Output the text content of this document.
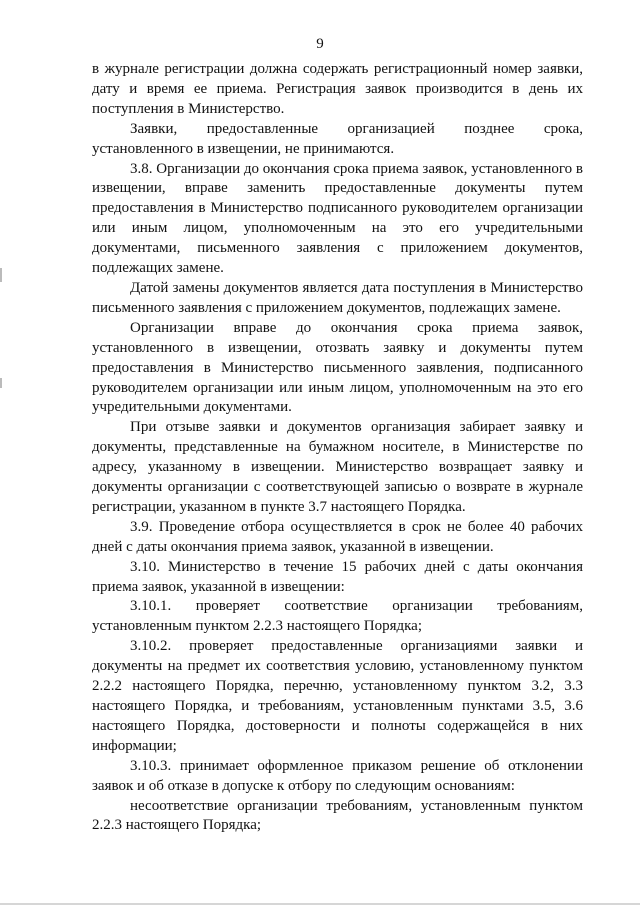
9

в журнале регистрации должна содержать регистрационный номер заявки, дату и время ее приема. Регистрация заявок производится в день их поступления в Министерство.

Заявки, предоставленные организацией позднее срока, установленного в извещении, не принимаются.

3.8. Организации до окончания срока приема заявок, установленного в извещении, вправе заменить предоставленные документы путем предоставления в Министерство подписанного руководителем организации или иным лицом, уполномоченным на это его учредительными документами, письменного заявления с приложением документов, подлежащих замене.

Датой замены документов является дата поступления в Министерство письменного заявления с приложением документов, подлежащих замене.

Организации вправе до окончания срока приема заявок, установленного в извещении, отозвать заявку и документы путем предоставления в Министерство письменного заявления, подписанного руководителем организации или иным лицом, уполномоченным на это его учредительными документами.

При отзыве заявки и документов организация забирает заявку и документы, представленные на бумажном носителе, в Министерстве по адресу, указанному в извещении. Министерство возвращает заявку и документы организации с соответствующей записью о возврате в журнале регистрации, указанном в пункте 3.7 настоящего Порядка.

3.9. Проведение отбора осуществляется в срок не более 40 рабочих дней с даты окончания приема заявок, указанной в извещении.

3.10. Министерство в течение 15 рабочих дней с даты окончания приема заявок, указанной в извещении:

3.10.1. проверяет соответствие организации требованиям, установленным пунктом 2.2.3 настоящего Порядка;

3.10.2. проверяет предоставленные организациями заявки и документы на предмет их соответствия условию, установленному пунктом 2.2.2 настоящего Порядка, перечню, установленному пунктом 3.2, 3.3 настоящего Порядка, и требованиям, установленным пунктами 3.5, 3.6 настоящего Порядка, достоверности и полноты содержащейся в них информации;

3.10.3. принимает оформленное приказом решение об отклонении заявок и об отказе в допуске к отбору по следующим основаниям:

несоответствие организации требованиям, установленным пунктом 2.2.3 настоящего Порядка;
